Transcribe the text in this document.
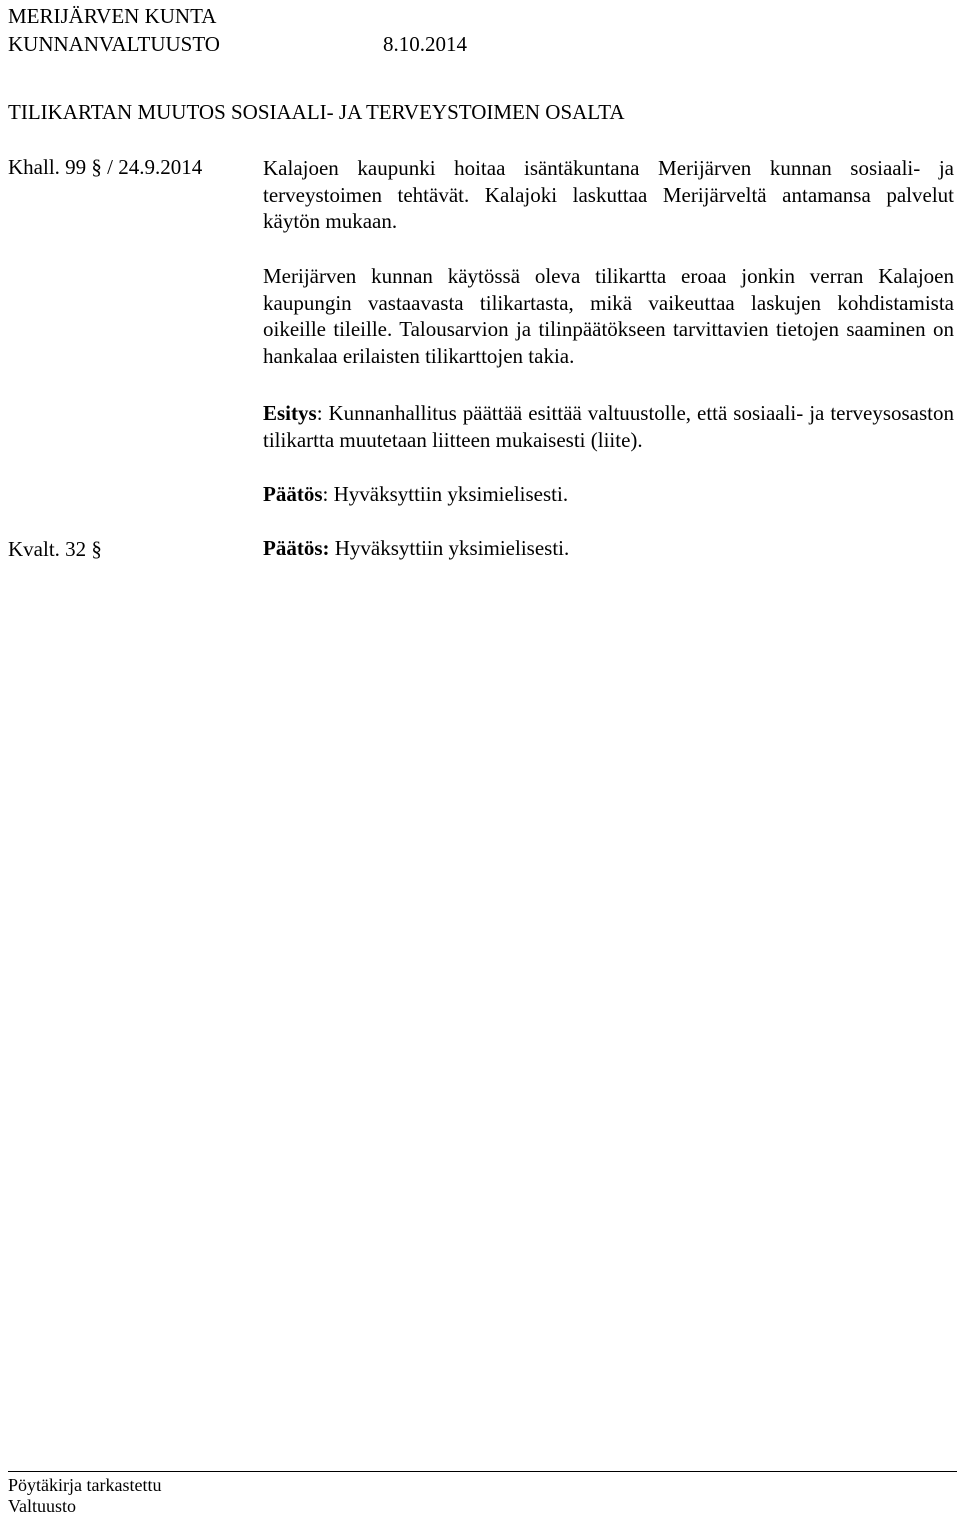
MERIJÄRVEN KUNTA
KUNNANVALTUUSTO	8.10.2014
TILIKARTAN MUUTOS SOSIAALI- JA TERVEYSTOIMEN OSALTA
Khall. 99 § / 24.9.2014	Kalajoen kaupunki hoitaa isäntäkuntana Merijärven kunnan sosiaali- ja terveystoimen tehtävät. Kalajoki laskuttaa Merijärveltä antamansa palvelut käytön mukaan.
Merijärven kunnan käytössä oleva tilikartta eroaa jonkin verran Kalajoen kaupungin vastaavasta tilikartasta, mikä vaikeuttaa laskujen kohdistamista oikeille tileille. Talousarvion ja tilinpäätökseen tarvittavien tietojen saaminen on hankalaa erilaisten tilikarttojen takia.
Esitys: Kunnanhallitus päättää esittää valtuustolle, että sosiaali- ja terveysosaston tilikartta muutetaan liitteen mukaisesti (liite).
Päätös: Hyväksyttiin yksimielisesti.
Kvalt. 32 §	Päätös: Hyväksyttiin yksimielisesti.
Pöytäkirja tarkastettu
Valtuusto
